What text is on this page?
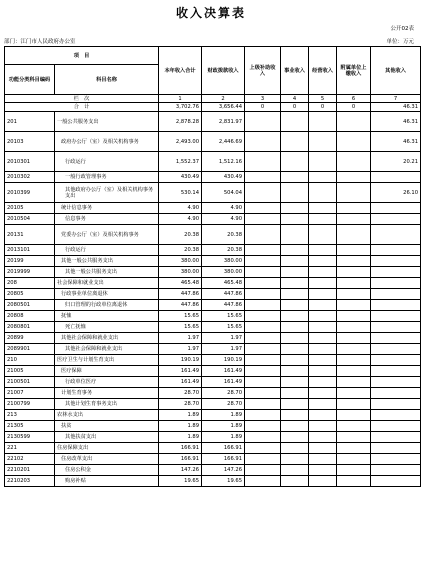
收入决算表
公开02表
部门：江门市人民政府办公室	单位：万元
项　目		本年收入合计	财政拨款收入	上级补助收入	事业收入	经营收入	附属单位上缴收入	其他收入
功能分类科目编码	科目名称							
栏　次		1	2	3	4	5	6	7
合　计		3,702.76	3,656.44	0	0	0	0	46.31
201	一般公共服务支出	2,878.28	2,831.97					46.31
20103	政府办公厅（室）及相关机构事务	2,493.00	2,446.69					46.31
2010301	行政运行	1,552.37	1,512.16					20.21
2010302	一般行政管理事务	430.49	430.49					
2010399	其他政府办公厅（室）及相关机构事务支出	530.14	504.04					26.10
20105	统计信息事务	4.90	4.90					
2010504	信息事务	4.90	4.90					
20131	党委办公厅（室）及相关机构事务	20.38	20.38					
2013101	行政运行	20.38	20.38					
20199	其他一般公共服务支出	380.00	380.00					
2019999	其他一般公共服务支出	380.00	380.00					
208	社会保障和就业支出	465.48	465.48					
20805	行政事业单位离退休	447.86	447.86					
2080501	归口管理的行政单位离退休	447.86	447.86					
20808	抚恤	15.65	15.65					
2080801	死亡抚恤	15.65	15.65					
20899	其他社会保障和就业支出	1.97	1.97					
2089901	其他社会保障和就业支出	1.97	1.97					
210	医疗卫生与计划生育支出	190.19	190.19					
21005	医疗保障	161.49	161.49					
2100501	行政单位医疗	161.49	161.49					
21007	计划生育事务	28.70	28.70					
2100799	其他计划生育事务支出	28.70	28.70					
213	农林水支出	1.89	1.89					
21305	扶贫	1.89	1.89					
2130599	其他扶贫支出	1.89	1.89					
221	住房保障支出	166.91	166.91					
22102	住房改革支出	166.91	166.91					
2210201	住房公积金	147.26	147.26					
2210203	购房补贴	19.65	19.65					
